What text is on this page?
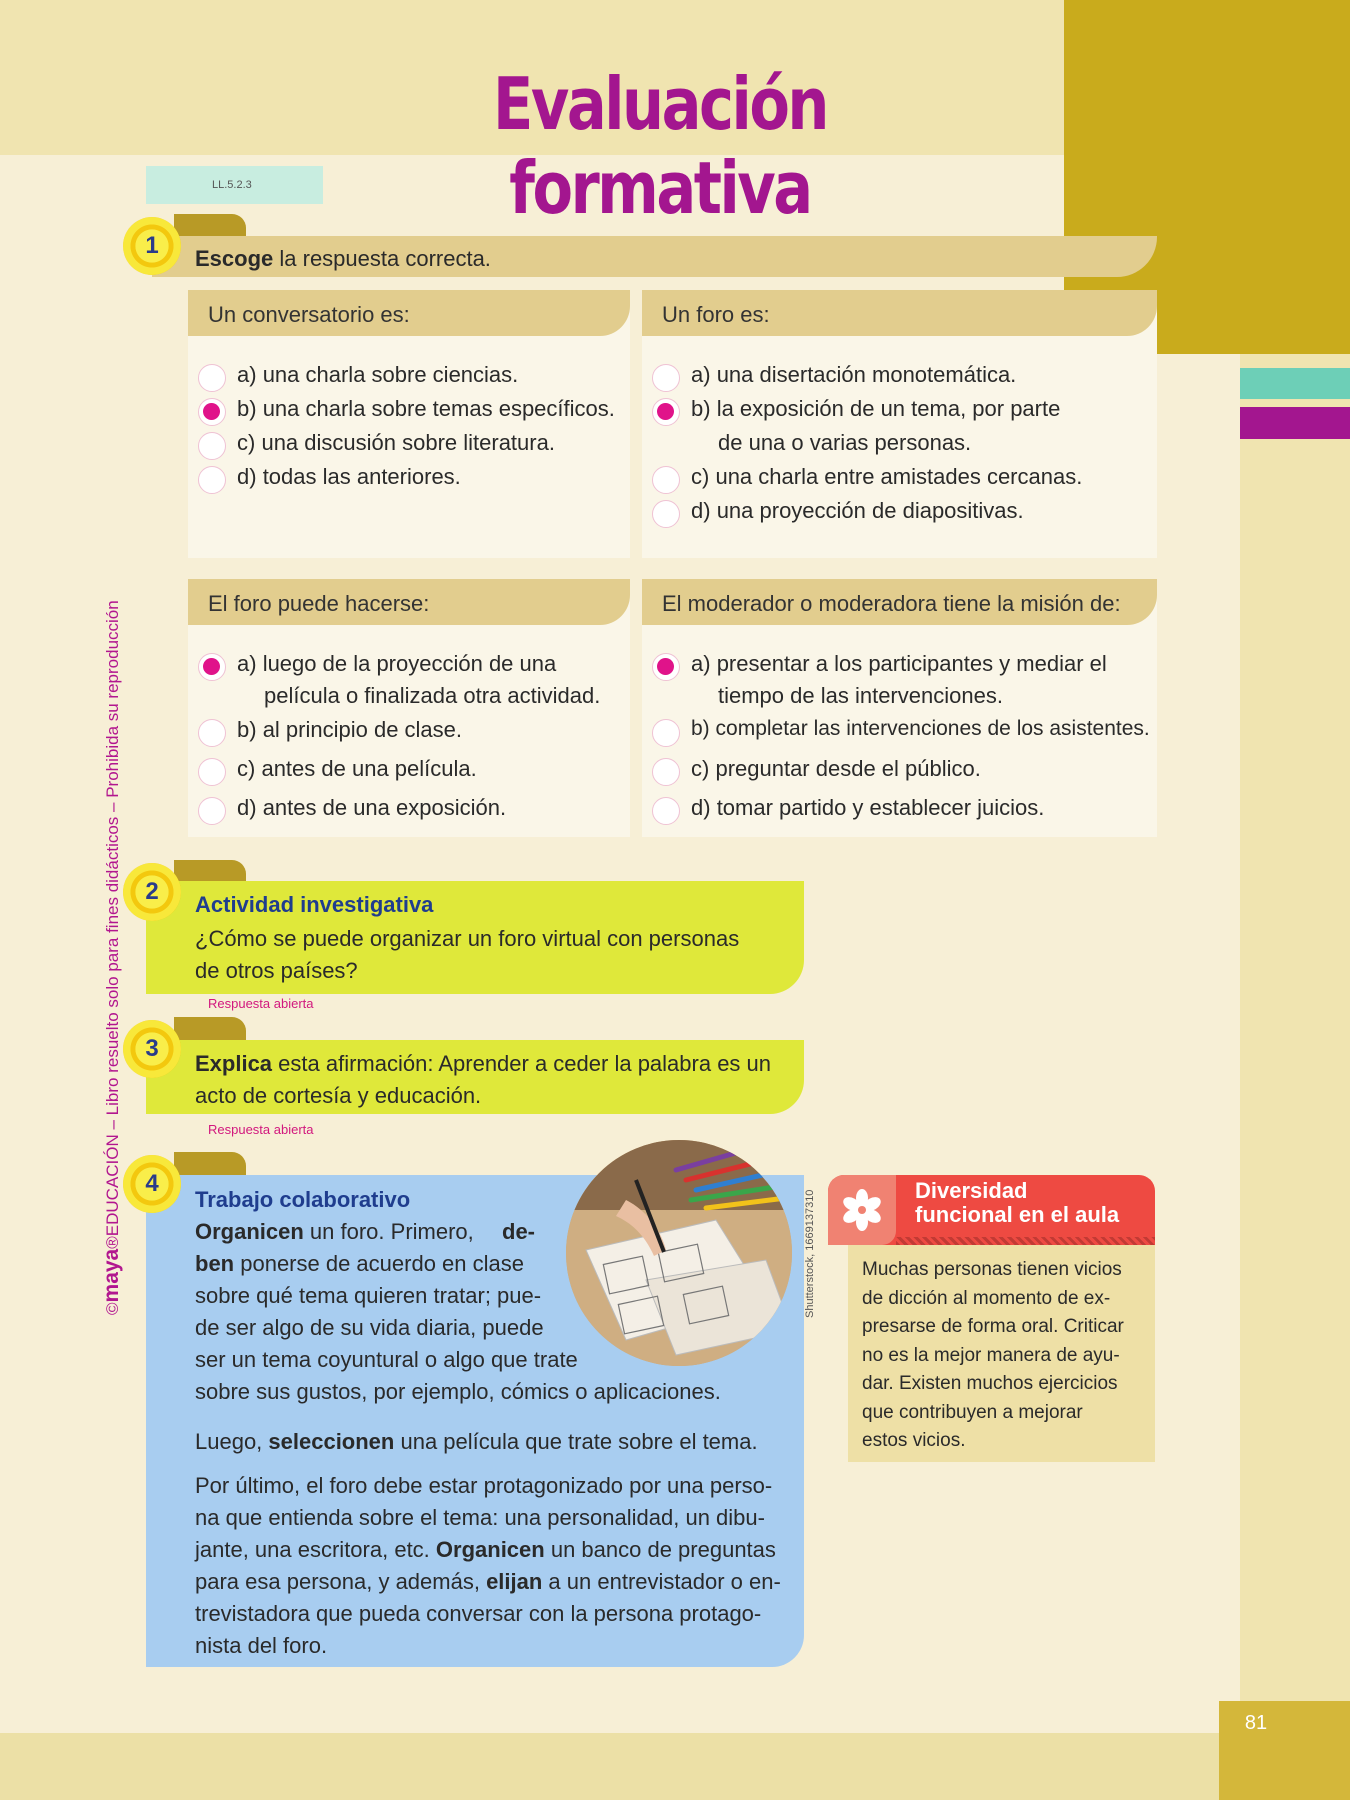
81
Evaluación formativa
LL.5.2.3
©maya®EDUCACIÓN – Libro resuelto solo para fines didácticos – Prohibida su reproducción
1	Escoge la respuesta correcta.
Un conversatorio es:
a) una charla sobre ciencias.
b) una charla sobre temas específicos.
c) una discusión sobre literatura.
d) todas las anteriores.
Un foro es:
a) una disertación monotemática.
b) la exposición de un tema, por parte
de una o varias personas.
c) una charla entre amistades cercanas.
d) una proyección de diapositivas.
El foro puede hacerse:
a) luego de la proyección de una
película o finalizada otra actividad.
b) al principio de clase.
c) antes de una película.
d) antes de una exposición.
El moderador o moderadora tiene la misión de:
a) presentar a los participantes y mediar el
tiempo de las intervenciones.
b) completar las intervenciones de los asistentes.
c) preguntar desde el público.
d) tomar partido y establecer juicios.
2	Actividad investigativa
¿Cómo se puede organizar un foro virtual con personas
de otros países?
Respuesta abierta
3
Explica esta afirmación: Aprender a ceder la palabra es un
acto de cortesía y educación.
Respuesta abierta
4
Shutterstock, 1669137310
Trabajo colaborativo
Organicen un foro. Primero, de-
ben ponerse de acuerdo en clase
sobre qué tema quieren tratar; pue-
de ser algo de su vida diaria, puede
ser un tema coyuntural o algo que trate
sobre sus gustos, por ejemplo, cómics o aplicaciones.
Luego, seleccionen una película que trate sobre el tema.
Por último, el foro debe estar protagonizado por una perso-
na que entienda sobre el tema: una personalidad, un dibu-
jante, una escritora, etc. Organicen un banco de preguntas
para esa persona, y además, elijan a un entrevistador o en-
trevistadora que pueda conversar con la persona protago-
nista del foro.
Diversidad
funcional en el aula
Muchas personas tienen vicios
de dicción al momento de ex-
presarse de forma oral. Criticar
no es la mejor manera de ayu-
dar. Existen muchos ejercicios
que contribuyen a mejorar
estos vicios.
